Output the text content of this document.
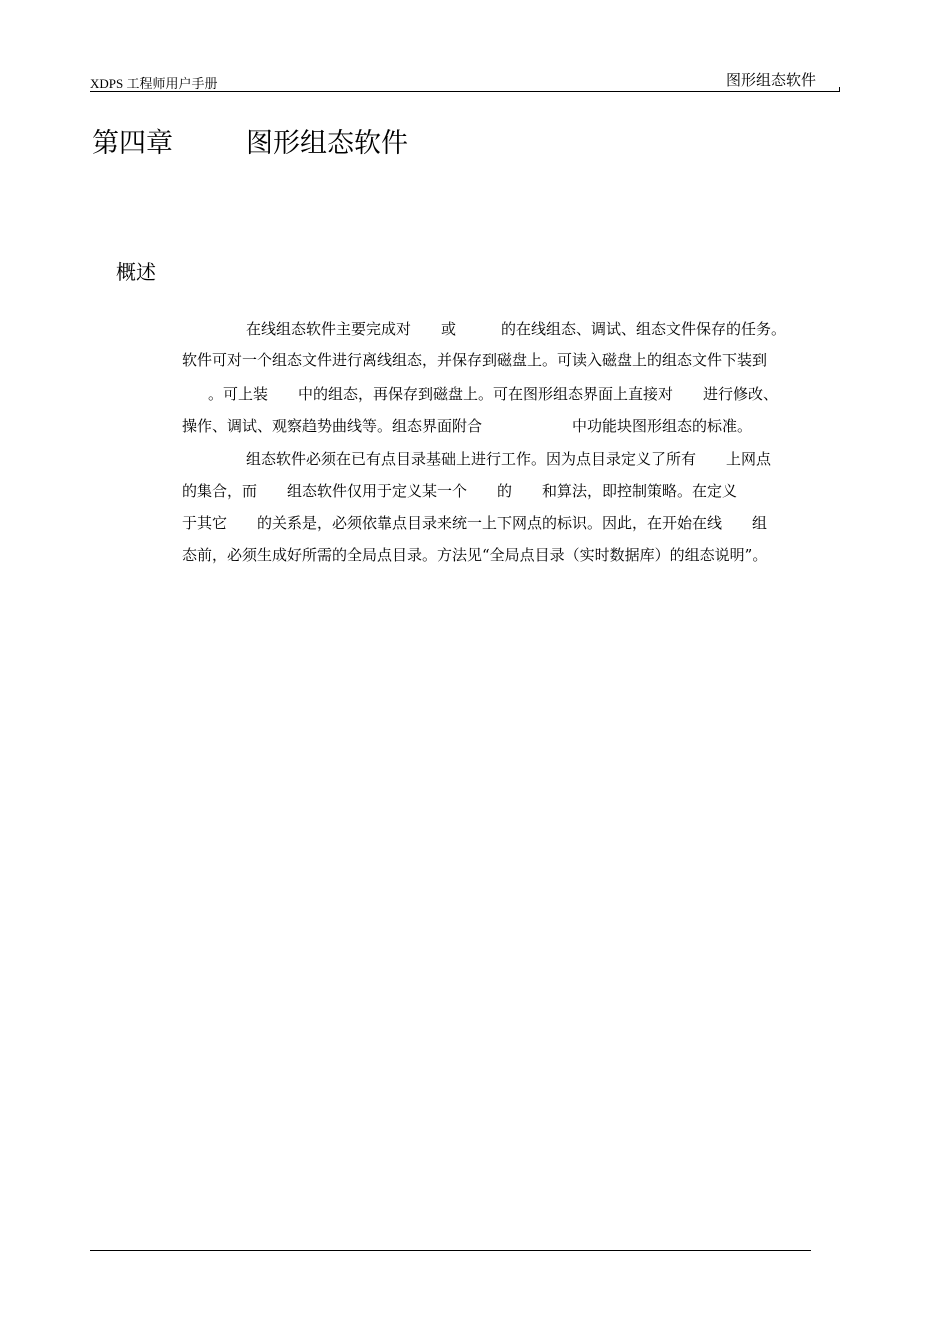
XDPS 工程师用户手册	图形组态软件
第四章	图形组态软件
概述
在线组态软件主要完成对　　或　　　的在线组态、调试、组态文件保存的任务。
软件可对一个组态文件进行离线组态，并保存到磁盘上。可读入磁盘上的组态文件下装到
　。可上装　　中的组态，再保存到磁盘上。可在图形组态界面上直接对　　进行修改、
操作、调试、观察趋势曲线等。组态界面附合　　　　　　中功能块图形组态的标准。
组态软件必须在已有点目录基础上进行工作。因为点目录定义了所有　　上网点
的集合，而　　组态软件仅用于定义某一个　　的　　和算法，即控制策略。在定义
于其它　　的关系是，必须依靠点目录来统一上下网点的标识。因此，在开始在线　　组
态前，必须生成好所需的全局点目录。方法见“全局点目录（实时数据库）的组态说明”。
